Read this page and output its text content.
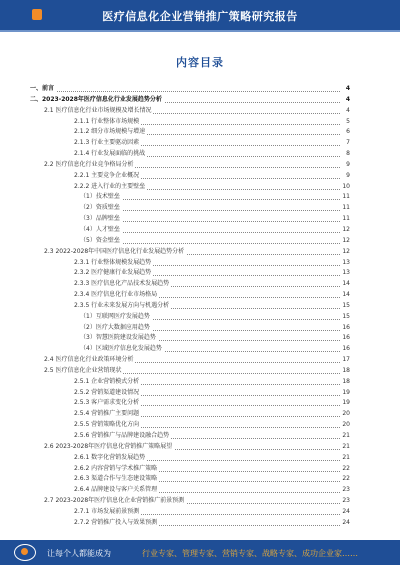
医疗信息化企业营销推广策略研究报告
内容目录
一、前言	4
二、2023-2028年医疗信息化行业发展趋势分析	4
2.1 医疗信息化行业市场规模及增长情况	4
2.1.1 行业整体市场规模	5
2.1.2 细分市场规模与增速	6
2.1.3 行业主要驱动因素	7
2.1.4 行业发展面临的挑战	8
2.2 医疗信息化行业竞争格局分析	9
2.2.1 主要竞争企业概况	9
2.2.2 进入行业的主要壁垒	10
（1）技术壁垒	11
（2）资质壁垒	11
（3）品牌壁垒	11
（4）人才壁垒	12
（5）资金壁垒	12
2.3 2022-2028年中国医疗信息化行业发展趋势分析	12
2.3.1 行业整体规模发展趋势	13
2.3.2 医疗健康行业发展趋势	13
2.3.3 医疗信息化产品技术发展趋势	14
2.3.4 医疗信息化行业市场格局	14
2.3.5 行业未来发展方向与机遇分析	15
（1）互联网医疗发展趋势	15
（2）医疗大数据应用趋势	16
（3）智慧医院建设发展趋势	16
（4）区域医疗信息化发展趋势	16
2.4 医疗信息化行业政策环境分析	17
2.5 医疗信息化企业营销现状	18
2.5.1 企业营销模式分析	18
2.5.2 营销渠道建设情况	19
2.5.3 客户需求变化分析	19
2.5.4 营销推广主要问题	20
2.5.5 营销策略优化方向	20
2.5.6 营销推广与品牌建设融合趋势	21
2.6 2023-2028年医疗信息化营销推广策略展望	21
2.6.1 数字化营销发展趋势	21
2.6.2 内容营销与学术推广策略	22
2.6.3 渠道合作与生态建设策略	22
2.6.4 品牌建设与客户关系管理	23
2.7 2023-2028年医疗信息化企业营销推广前景预测	23
2.7.1 市场发展前景预测	24
2.7.2 营销推广投入与效果预测	24
让每个人都能成为	行业专家、管理专家、营销专家、战略专家、成功企业家……
